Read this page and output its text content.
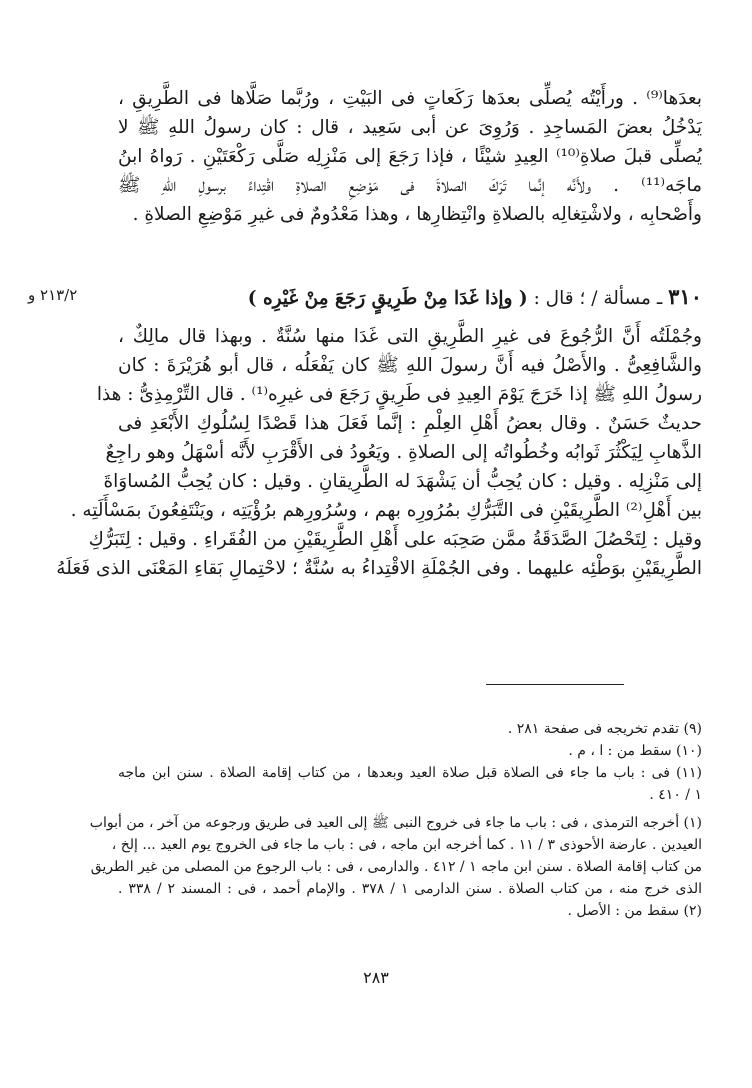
بعدَها⁽⁹⁾ . ورأَيْتُه يُصلِّى بعدَها رَكَعاتٍ فى البَيْتِ ، ورُبَّما صَلَّاها فى الطَّرِيقِ ،
يَدْخُلُ بعضَ المَساجِدِ . وَرُوِىَ عن أبى سَعِيد ، قال : كان رسولُ اللهِ ﷺ لا
يُصلِّى قبلَ صلاةِ⁽¹⁰⁾ العِيدِ شيْئًا ، فإذا رَجَعَ إلى مَنْزِلِه صَلَّى رَكْعَتَيْنِ . رَواهُ ابنُ
ماجَه⁽¹¹⁾ . ولأَنَّه إنَّما تَرَكَ الصلاةَ فى مَوْضِعِ الصلاةِ اقْتِداءً برسولِ اللهِ ﷺ
وأَصْحابِه ، ولاشْتِغالِه بالصلاةِ وانْتِظارِها ، وهذا مَعْدُومٌ فى غيرِ مَوْضِعِ الصلاةِ .
٣١٠ ـ مسألة / ؛ قال : ( وإذا غَدَا مِنْ طَرِيقٍ رَجَعَ مِنْ غَيْرِه )
٢١٣/٢ و
وجُمْلَتُه أَنَّ الرُّجُوعَ فى غيرِ الطَّرِيقِ التى غَدَا منها سُنَّةٌ . وبهذا قال مالِكٌ ،
والشَّافِعِىُّ . والأَصْلُ فيه أَنَّ رسولَ اللهِ ﷺ كان يَفْعَلُه ، قال أبو هُرَيْرَةَ : كان
رسولُ اللهِ ﷺ إذا خَرَجَ يَوْمَ العِيدِ فى طَرِيقٍ رَجَعَ فى غيرِه⁽¹⁾ . قال التِّرْمِذِىُّ : هذا
حديثٌ حَسَنٌ . وقال بعضُ أَهْلِ العِلْمِ : إنَّما فَعَلَ هذا قَصْدًا لِسُلُوكِ الأَبْعَدِ فى
الذَّهابِ لِيَكْثُرَ ثَوابُه وخُطُواتُه إلى الصلاةِ . ويَعُودُ فى الأَقْرَبِ لأَنَّه أسْهَلُ وهو راجِعٌ
إلى مَنْزِلِه . وقيل : كان يُحِبُّ أن يَشْهَدَ له الطَّرِيقانِ . وقيل : كان يُحِبُّ المُساوَاةَ
بين أَهْلِ⁽²⁾ الطَّرِيقَيْنِ فى التَّبَرُّكِ بمُرُورِه بهم ، وسُرُورِهم برُؤْيَتِه ، ويَنْتَفِعُونَ بمَسْأَلَتِه .
وقيل : لِتَحْصُلَ الصَّدَقَةُ ممَّن صَحِبَه على أَهْلِ الطَّرِيقَيْنِ من الفُقَراءِ . وقيل : لِتَبَرُّكِ
الطَّرِيقَيْنِ بوَطْئِه عليهما . وفى الجُمْلَةِ الاقْتِداءُ به سُنَّةٌ ؛ لاحْتِمالِ بَقاءِ المَعْنَى الذى فَعَلَهُ
(٩) تقدم تخريجه فى صفحة ٢٨١ .
(١٠) سقط من : ا ، م .
(١١) فى : باب ما جاء فى الصلاة قبل صلاة العيد وبعدها ، من كتاب إقامة الصلاة . سنن ابن ماجه
١ / ٤١٠ .
(١) أخرجه الترمذى ، فى : باب ما جاء فى خروج النبى ﷺ إلى العيد فى طريق ورجوعه من آخر ، من أبواب
العيدين . عارضة الأحوذى ٣ / ١١ . كما أخرجه ابن ماجه ، فى : باب ما جاء فى الخروج يوم العيد ... إلخ ،
من كتاب إقامة الصلاة . سنن ابن ماجه ١ / ٤١٢ . والدارمى ، فى : باب الرجوع من المصلى من غير الطريق
الذى خرج منه ، من كتاب الصلاة . سنن الدارمى ١ / ٣٧٨ . والإمام أحمد ، فى : المسند ٢ / ٣٣٨ .
(٢) سقط من : الأصل .
٢٨٣
